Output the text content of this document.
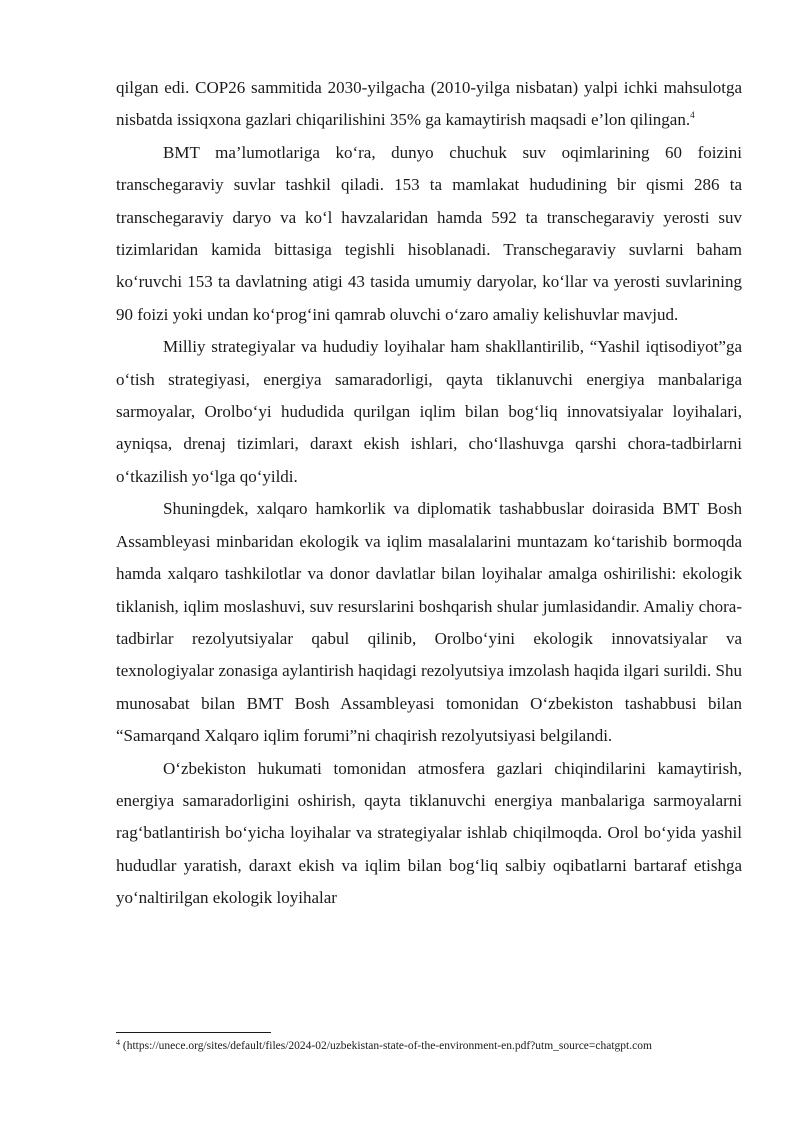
qilgan edi. COP26 sammitida 2030-yilgacha (2010-yilga nisbatan) yalpi ichki mahsulotga nisbatda issiqxona gazlari chiqarilishini 35% ga kamaytirish maqsadi e’lon qilingan.$^4$

BMT ma’lumotlariga ko‘ra, dunyo chuchuk suv oqimlarining 60 foizini transchegaraviy suvlar tashkil qiladi. 153 ta mamlakat hududining bir qismi 286 ta transchegaraviy daryo va ko‘l havzalaridan hamda 592 ta transchegaraviy yerosti suv tizimlaridan kamida bittasiga tegishli hisoblanadi. Transchegaraviy suvlarni baham ko‘ruvchi 153 ta davlatning atigi 43 tasida umumiy daryolar, ko‘llar va yerosti suvlarining 90 foizi yoki undan ko‘prog‘ini qamrab oluvchi o‘zaro amaliy kelishuvlar mavjud.

Milliy strategiyalar va hududiy loyihalar ham shakllantirilib, “Yashil iqtisodiyot”ga o‘tish strategiyasi, energiya samaradorligi, qayta tiklanuvchi energiya manbalariga sarmoyalar, Orolbo‘yi hududida qurilgan iqlim bilan bog‘liq innovatsiyalar loyihalari, ayniqsa, drenaj tizimlari, daraxt ekish ishlari, cho‘llashuvga qarshi chora-tadbirlarni o‘tkazilish yo‘lga qo‘yildi.

Shuningdek, xalqaro hamkorlik va diplomatik tashabbuslar doirasida BMT Bosh Assambleyasi minbaridan ekologik va iqlim masalalarini muntazam ko‘tarishib bormoqda hamda xalqaro tashkilotlar va donor davlatlar bilan loyihalar amalga oshirilishi: ekologik tiklanish, iqlim moslashuvi, suv resurslarini boshqarish shular jumlasidandir. Amaliy chora-tadbirlar rezolyutsiyalar qabul qilinib, Orolbo‘yini ekologik innovatsiyalar va texnologiyalar zonasiga aylantirish haqidagi rezolyutsiya imzolash haqida ilgari surildi. Shu munosabat bilan BMT Bosh Assambleyasi tomonidan O‘zbekiston tashabbusi bilan “Samarqand Xalqaro iqlim forumi”ni chaqirish rezolyutsiyasi belgilandi.

O‘zbekiston hukumati tomonidan atmosfera gazlari chiqindilarini kamaytirish, energiya samaradorligini oshirish, qayta tiklanuvchi energiya manbalariga sarmoyalarni rag‘batlantirish bo‘yicha loyihalar va strategiyalar ishlab chiqilmoqda. Orol bo‘yida yashil hududlar yaratish, daraxt ekish va iqlim bilan bog‘liq salbiy oqibatlarni bartaraf etishga yo‘naltirilgan ekologik loyihalar

$^4$ (https://unece.org/sites/default/files/2024-02/uzbekistan-state-of-the-environment-en.pdf?utm_source=chatgpt.com
